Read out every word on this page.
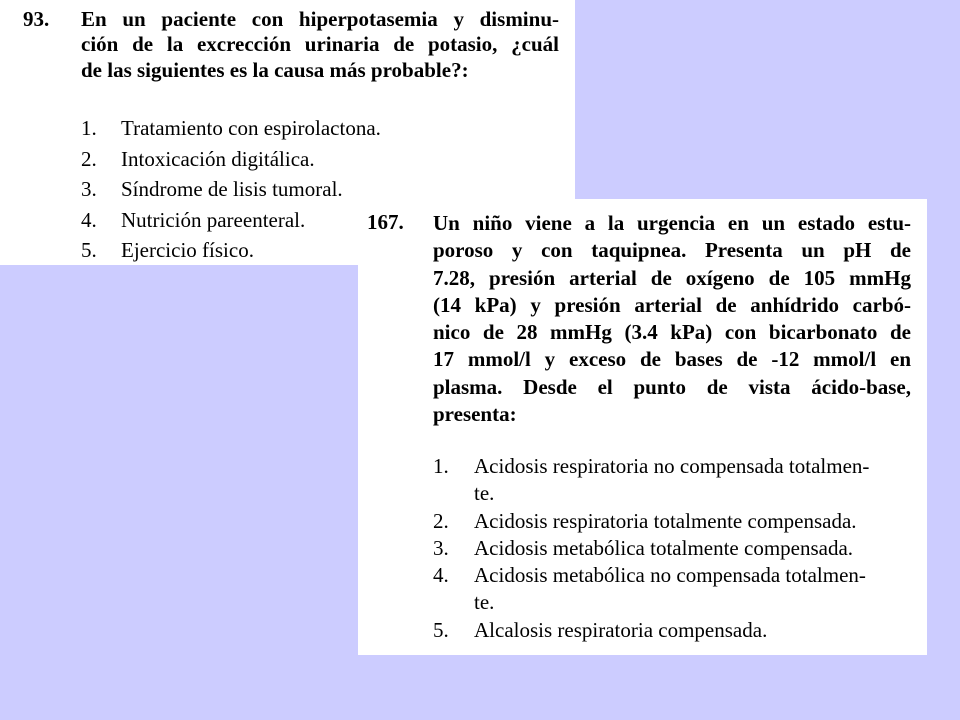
93. En un paciente con hiperpotasemia y disminu-
ción de la excrección urinaria de potasio, ¿cuál
de las siguientes es la causa más probable?:
1. Tratamiento con espirolactona.
2. Intoxicación digitálica.
3. Síndrome de lisis tumoral.
4. Nutrición pareenteral.
5. Ejercicio físico.
167. Un niño viene a la urgencia en un estado estu-
poroso y con taquipnea. Presenta un pH de
7.28, presión arterial de oxígeno de 105 mmHg
(14 kPa) y presión arterial de anhídrido carbó-
nico de 28 mmHg (3.4 kPa) con bicarbonato de
17 mmol/l y exceso de bases de -12 mmol/l en
plasma. Desde el punto de vista ácido-base,
presenta:
1. Acidosis respiratoria no compensada totalmen-
te.
2. Acidosis respiratoria totalmente compensada.
3. Acidosis metabólica totalmente compensada.
4. Acidosis metabólica no compensada totalmen-
te.
5. Alcalosis respiratoria compensada.
